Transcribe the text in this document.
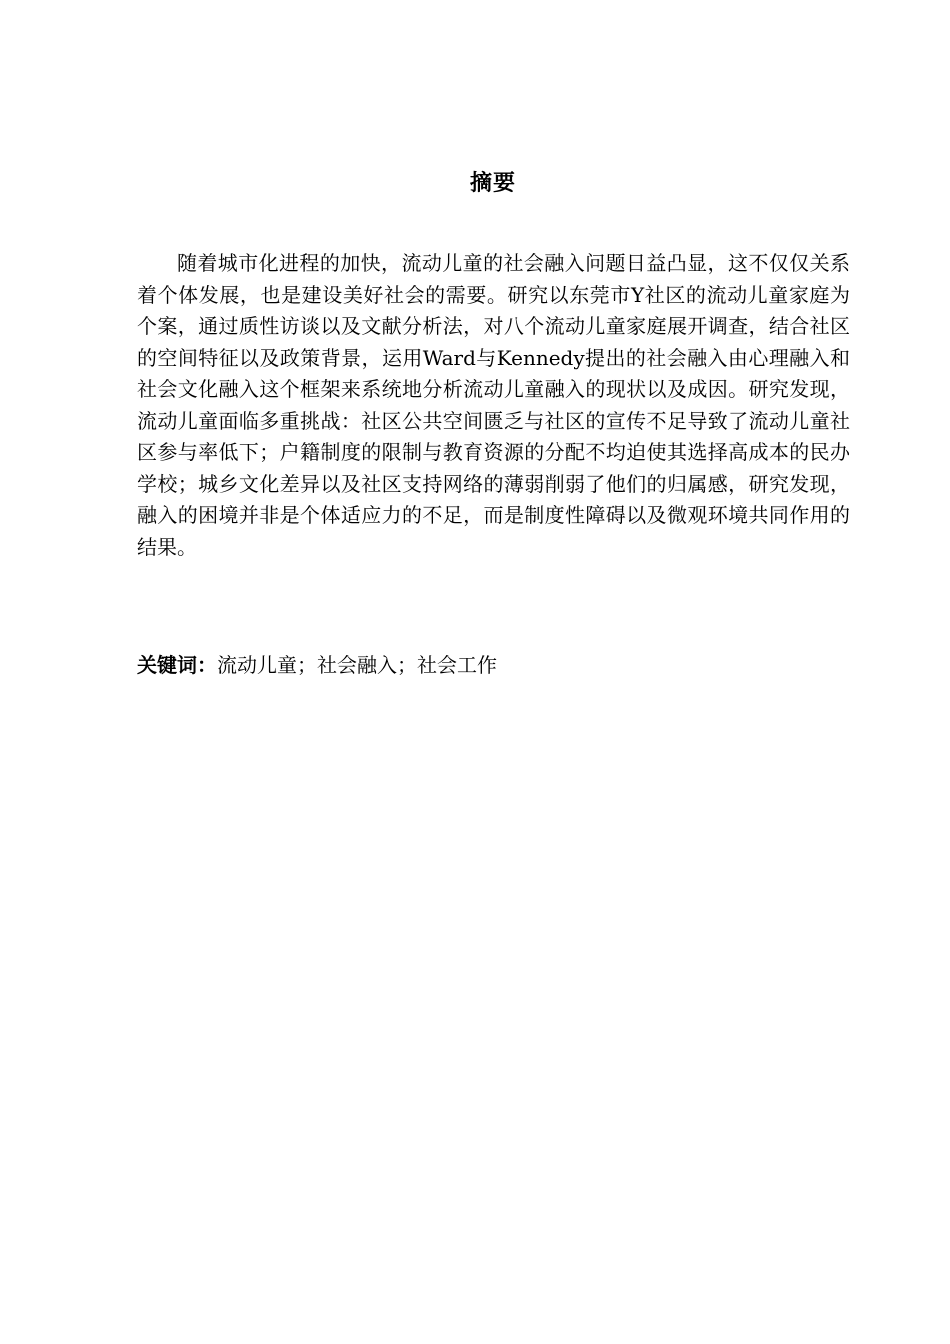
摘要

随着城市化进程的加快，流动儿童的社会融入问题日益凸显，这不仅仅关系着个体发展，也是建设美好社会的需要。研究以东莞市Y社区的流动儿童家庭为个案，通过质性访谈以及文献分析法，对八个流动儿童家庭展开调查，结合社区的空间特征以及政策背景，运用Ward与Kennedy提出的社会融入由心理融入和社会文化融入这个框架来系统地分析流动儿童融入的现状以及成因。研究发现，流动儿童面临多重挑战：社区公共空间匮乏与社区的宣传不足导致了流动儿童社区参与率低下；户籍制度的限制与教育资源的分配不均迫使其选择高成本的民办学校；城乡文化差异以及社区支持网络的薄弱削弱了他们的归属感，研究发现，融入的困境并非是个体适应力的不足，而是制度性障碍以及微观环境共同作用的结果。

关键词：流动儿童；社会融入；社会工作
